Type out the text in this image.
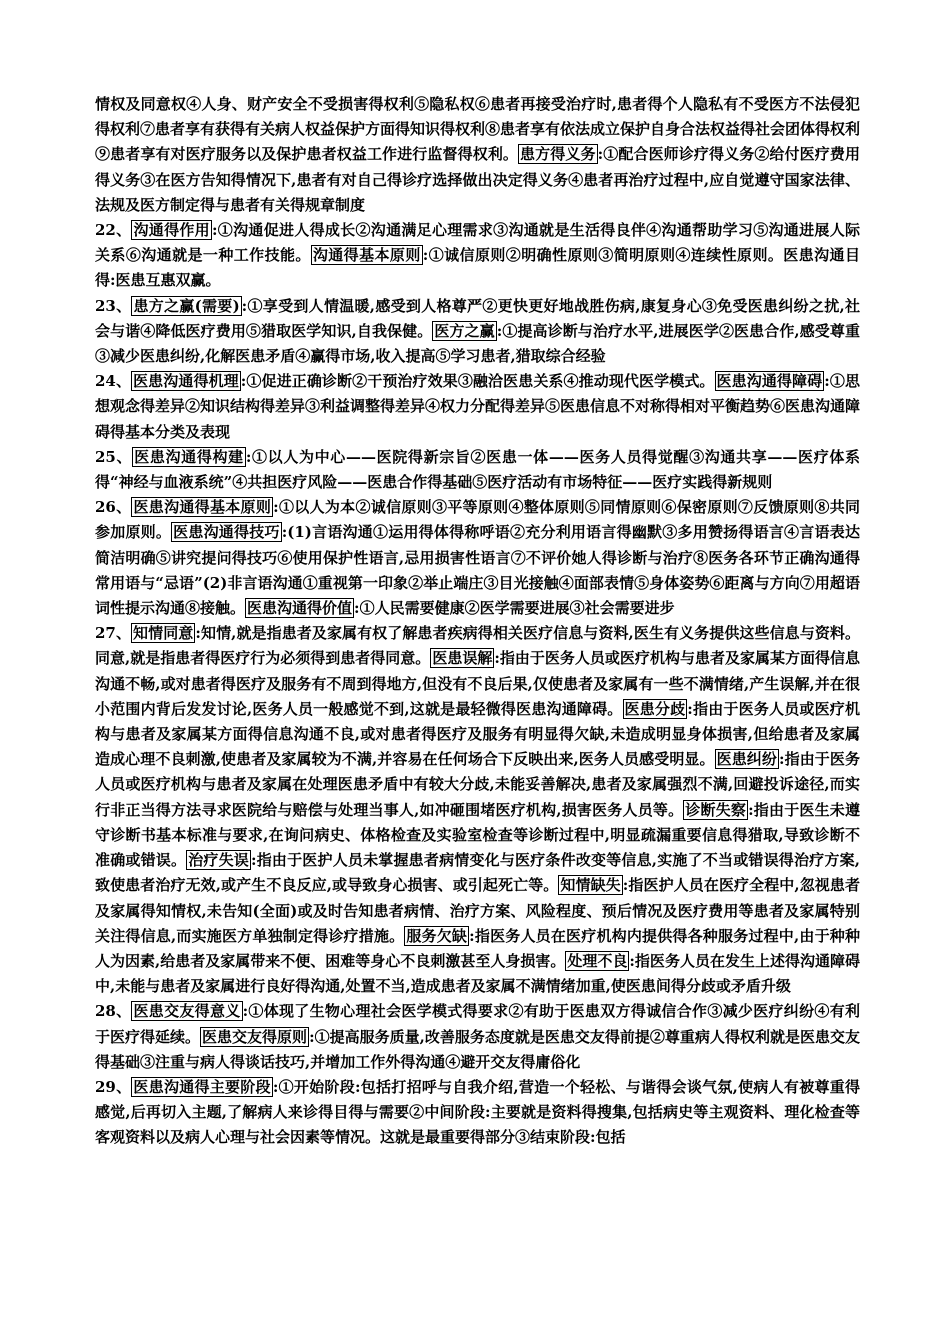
情权及同意权④人身、财产安全不受损害得权利⑤隐私权⑥患者再接受治疗时,患者得个人隐私有不受医方不法侵犯得权利⑦患者享有获得有关病人权益保护方面得知识得权利⑧患者享有依法成立保护自身合法权益得社会团体得权利⑨患者享有对医疗服务以及保护患者权益工作进行监督得权利。 患方得义务 :①配合医师诊疗得义务②给付医疗费用得义务③在医方告知得情况下,患者有对自己得诊疗选择做出决定得义务④患者再治疗过程中,应自觉遵守国家法律、法规及医方制定得与患者有关得规章制度

22、 沟通得作用 :①沟通促进人得成长②沟通满足心理需求③沟通就是生活得良伴④沟通帮助学习⑤沟通进展人际关系⑥沟通就是一种工作技能。 沟通得基本原则 :①诚信原则②明确性原则③简明原则④连续性原则。医患沟通目得:医患互惠双赢。

23、 患方之赢(需要) :①享受到人情温暖,感受到人格尊严②更快更好地战胜伤病,康复身心③免受医患纠纷之扰,社会与谐④降低医疗费用⑤猎取医学知识,自我保健。 医方之赢 :①提高诊断与治疗水平,进展医学②医患合作,感受尊重③减少医患纠纷,化解医患矛盾④赢得市场,收入提高⑤学习患者,猎取综合经验

24、 医患沟通得机理 :①促进正确诊断②干预治疗效果③融洽医患关系④推动现代医学模式。 医患沟通得障碍 :①思想观念得差异②知识结构得差异③利益调整得差异④权力分配得差异⑤医患信息不对称得相对平衡趋势⑥医患沟通障碍得基本分类及表现

25、 医患沟通得构建 :①以人为中心——医院得新宗旨②医患一体——医务人员得觉醒③沟通共享——医疗体系得“神经与血液系统”④共担医疗风险——医患合作得基础⑤医疗活动有市场特征——医疗实践得新规则

26、 医患沟通得基本原则 :①以人为本②诚信原则③平等原则④整体原则⑤同情原则⑥保密原则⑦反馈原则⑧共同参加原则。 医患沟通得技巧 :(1)言语沟通①运用得体得称呼语②充分利用语言得幽默③多用赞扬得语言④言语表达简洁明确⑤讲究提问得技巧⑥使用保护性语言,忌用损害性语言⑦不评价她人得诊断与治疗⑧医务各环节正确沟通得常用语与“忌语”(2)非言语沟通①重视第一印象②举止端庄③目光接触④面部表情⑤身体姿势⑥距离与方向⑦用超语词性提示沟通⑧接触。 医患沟通得价值 :①人民需要健康②医学需要进展③社会需要进步

27、 知情同意 :知情,就是指患者及家属有权了解患者疾病得相关医疗信息与资料,医生有义务提供这些信息与资料。同意,就是指患者得医疗行为必须得到患者得同意。 医患误解 :指由于医务人员或医疗机构与患者及家属某方面得信息沟通不畅,或对患者得医疗及服务有不周到得地方,但没有不良后果,仅使患者及家属有一些不满情绪,产生误解,并在很小范围内背后发发讨论,医务人员一般感觉不到,这就是最轻微得医患沟通障碍。 医患分歧 :指由于医务人员或医疗机构与患者及家属某方面得信息沟通不良,或对患者得医疗及服务有明显得欠缺,未造成明显身体损害,但给患者及家属造成心理不良刺激,使患者及家属较为不满,并容易在任何场合下反映出来,医务人员感受明显。 医患纠纷 :指由于医务人员或医疗机构与患者及家属在处理医患矛盾中有较大分歧,未能妥善解决,患者及家属强烈不满,回避投诉途径,而实行非正当得方法寻求医院给与赔偿与处理当事人,如冲砸围堵医疗机构,损害医务人员等。 诊断失察 :指由于医生未遵守诊断书基本标准与要求,在询问病史、体格检查及实验室检查等诊断过程中,明显疏漏重要信息得猎取,导致诊断不准确或错误。 治疗失误 :指由于医护人员未掌握患者病情变化与医疗条件改变等信息,实施了不当或错误得治疗方案,致使患者治疗无效,或产生不良反应,或导致身心损害、或引起死亡等。 知情缺失 :指医护人员在医疗全程中,忽视患者及家属得知情权,未告知(全面)或及时告知患者病情、治疗方案、风险程度、预后情况及医疗费用等患者及家属特别关注得信息,而实施医方单独制定得诊疗措施。 服务欠缺 :指医务人员在医疗机构内提供得各种服务过程中,由于种种人为因素,给患者及家属带来不便、困难等身心不良刺激甚至人身损害。 处理不良 :指医务人员在发生上述得沟通障碍中,未能与患者及家属进行良好得沟通,处置不当,造成患者及家属不满情绪加重,使医患间得分歧或矛盾升级

28、 医患交友得意义 :①体现了生物心理社会医学模式得要求②有助于医患双方得诚信合作③减少医疗纠纷④有利于医疗得延续。 医患交友得原则 :①提高服务质量,改善服务态度就是医患交友得前提②尊重病人得权利就是医患交友得基础③注重与病人得谈话技巧,并增加工作外得沟通④避开交友得庸俗化

29、 医患沟通得主要阶段 :①开始阶段:包括打招呼与自我介绍,营造一个轻松、与谐得会谈气氛,使病人有被尊重得感觉,后再切入主题,了解病人来诊得目得与需要②中间阶段:主要就是资料得搜集,包括病史等主观资料、理化检查等客观资料以及病人心理与社会因素等情况。这就是最重要得部分③结束阶段:包括
